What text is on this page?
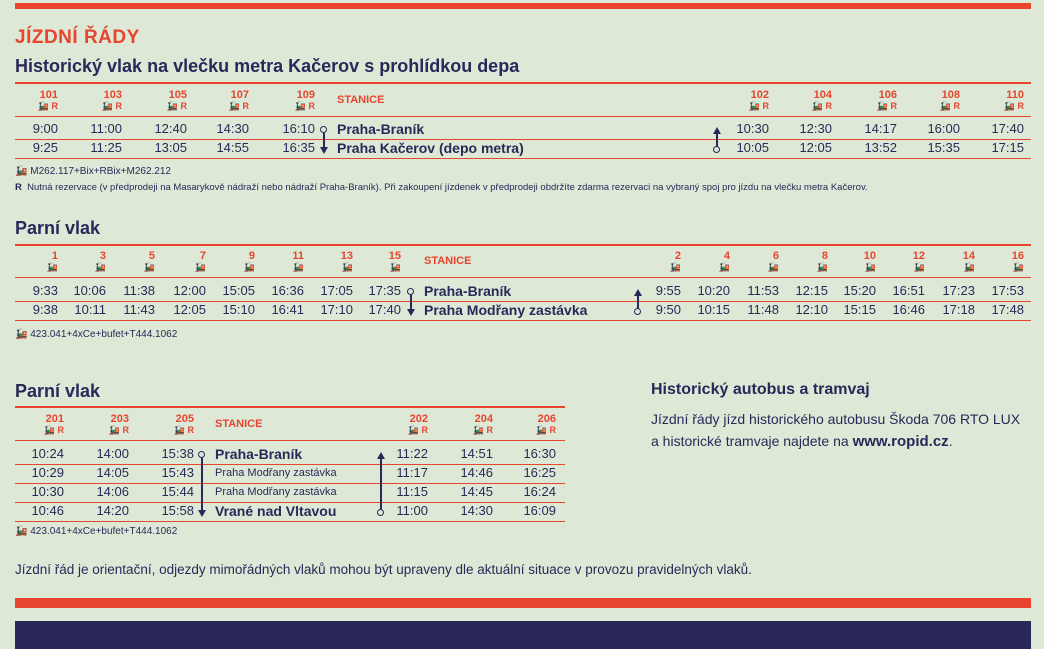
JÍZDNÍ ŘÁDY
Historický vlak na vlečku metra Kačerov s prohlídkou depa
101
🚂 R
103
🚂 R
105
🚂 R
107
🚂 R
109
🚂 R
102
🚂 R
104
🚂 R
106
🚂 R
108
🚂 R
110
🚂 R
STANICE
9:00	11:00	12:40	14:30	16:10	10:30	12:30	14:17	16:00	17:40
Praha-Braník
9:25	11:25	13:05	14:55	16:35	10:05	12:05	13:52	15:35	17:15
Praha Kačerov (depo metra)
🚂 M262.117+Bix+RBix+M262.212
R Nutná rezervace (v předprodeji na Masarykově nádraží nebo nádraží Praha-Braník). Při zakoupení jízdenek v předprodeji obdržíte zdarma rezervaci na vybraný spoj pro jízdu na vlečku metra Kačerov.
Parní vlak
1
🚂
3
🚂
5
🚂
7
🚂
9
🚂
11
🚂
13
🚂
15
🚂
2
🚂
4
🚂
6
🚂
8
🚂
10
🚂
12
🚂
14
🚂
16
🚂
STANICE
9:33	10:06	11:38	12:00	15:05	16:36	17:05	17:35	9:55	10:20	11:53	12:15	15:20	16:51	17:23	17:53
Praha-Braník
9:38	10:11	11:43	12:05	15:10	16:41	17:10	17:40	9:50	10:15	11:48	12:10	15:15	16:46	17:18	17:48
Praha Modřany zastávka
🚂 423.041+4xCe+bufet+T444.1062
Parní vlak
201
🚂 R
203
🚂 R
205
🚂 R
202
🚂 R
204
🚂 R
206
🚂 R
STANICE
10:24	14:00	15:38	11:22	14:51	16:30
Praha-Braník
10:29	14:05	15:43	11:17	14:46	16:25
Praha Modřany zastávka
10:30	14:06	15:44	11:15	14:45	16:24
Praha Modřany zastávka
10:46	14:20	15:58	11:00	14:30	16:09
Vrané nad Vltavou
🚂 423.041+4xCe+bufet+T444.1062
Historický autobus a tramvaj
Jízdní řády jízd historického autobusu Škoda 706 RTO LUX
a historické tramvaje najdete na www.ropid.cz.
Jízdní řád je orientační, odjezdy mimořádných vlaků mohou být upraveny dle aktuální situace v provozu pravidelných vlaků.
